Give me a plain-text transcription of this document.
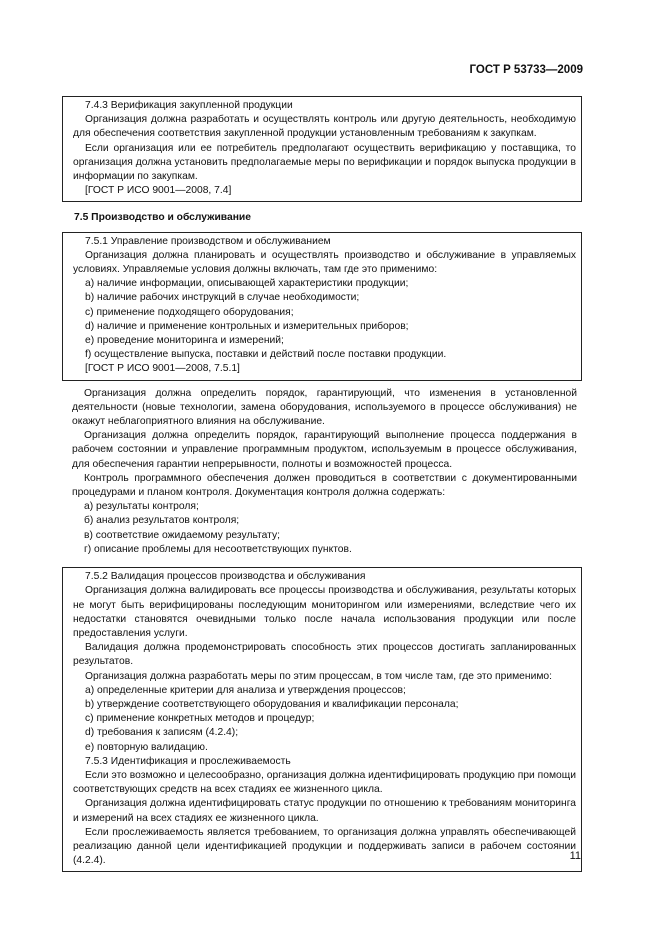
ГОСТ Р 53733—2009

7.4.3 Верификация закупленной продукции

Организация должна разработать и осуществлять контроль или другую деятельность, необходимую для обеспечения соответствия закупленной продукции установленным требованиям к закупкам.

Если организация или ее потребитель предполагают осуществить верификацию у поставщика, то организация должна установить предполагаемые меры по верификации и порядок выпуска продукции в информации по закупкам.

[ГОСТ Р ИСО 9001—2008, 7.4]

7.5 Производство и обслуживание

7.5.1 Управление производством и обслуживанием

Организация должна планировать и осуществлять производство и обслуживание в управляемых условиях. Управляемые условия должны включать, там где это применимо:

а) наличие информации, описывающей характеристики продукции;

b) наличие рабочих инструкций в случае необходимости;

c) применение подходящего оборудования;

d) наличие и применение контрольных и измерительных приборов;

е) проведение мониторинга и измерений;

f) осуществление выпуска, поставки и действий после поставки продукции.

[ГОСТ Р ИСО 9001—2008, 7.5.1]

Организация должна определить порядок, гарантирующий, что изменения в установленной деятельности (новые технологии, замена оборудования, используемого в процессе обслуживания) не окажут неблагоприятного влияния на обслуживание.

Организация должна определить порядок, гарантирующий выполнение процесса поддержания в рабочем состоянии и управление программным продуктом, используемым в процессе обслуживания, для обеспечения гарантии непрерывности, полноты и возможностей процесса.

Контроль программного обеспечения должен проводиться в соответствии с документированными процедурами и планом контроля. Документация контроля должна содержать:

а) результаты контроля;

б) анализ результатов контроля;

в) соответствие ожидаемому результату;

г) описание проблемы для несоответствующих пунктов.

7.5.2 Валидация процессов производства и обслуживания

Организация должна валидировать все процессы производства и обслуживания, результаты которых не могут быть верифицированы последующим мониторингом или измерениями, вследствие чего их недостатки становятся очевидными только после начала использования продукции или после предоставления услуги.

Валидация должна продемонстрировать способность этих процессов достигать запланированных результатов.

Организация должна разработать меры по этим процессам, в том числе там, где это применимо:

а) определенные критерии для анализа и утверждения процессов;

b) утверждение соответствующего оборудования и квалификации персонала;

c) применение конкретных методов и процедур;

d) требования к записям (4.2.4);

е) повторную валидацию.

7.5.3 Идентификация и прослеживаемость

Если это возможно и целесообразно, организация должна идентифицировать продукцию при помощи соответствующих средств на всех стадиях ее жизненного цикла.

Организация должна идентифицировать статус продукции по отношению к требованиям мониторинга и измерений на всех стадиях ее жизненного цикла.

Если прослеживаемость является требованием, то организация должна управлять обеспечивающей реализацию данной цели идентификацией продукции и поддерживать записи в рабочем состоянии (4.2.4).	11
